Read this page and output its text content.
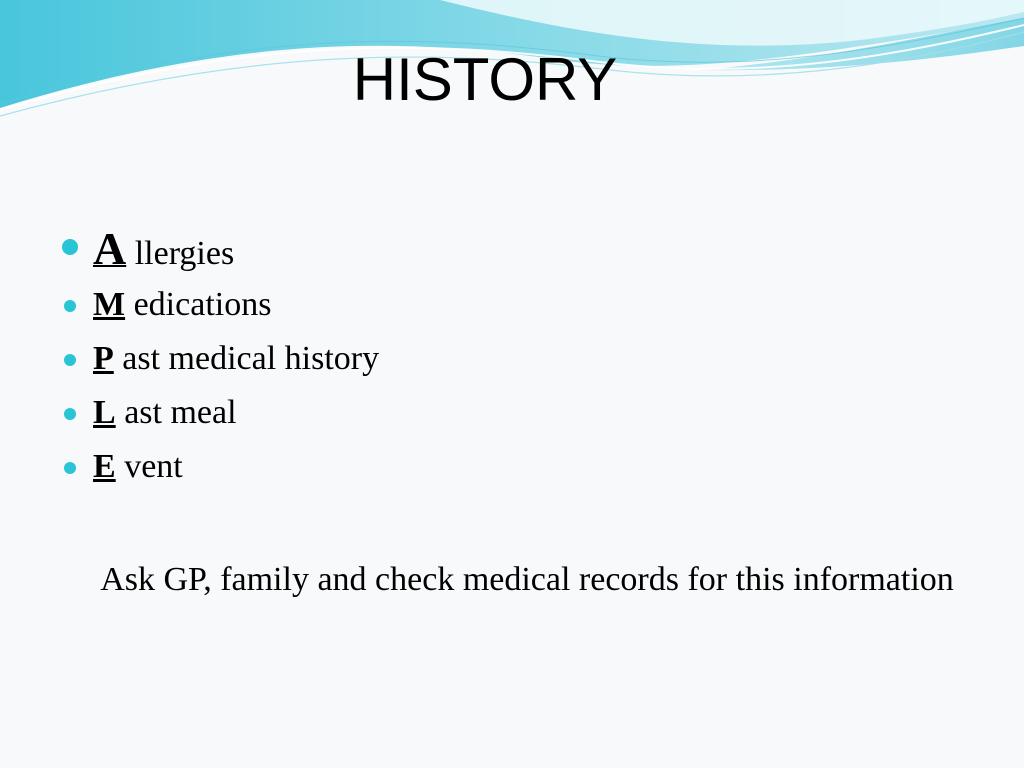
HISTORY
A llergies
M edications
P ast medical history
L ast meal
E vent
Ask GP, family and check medical records for this information
